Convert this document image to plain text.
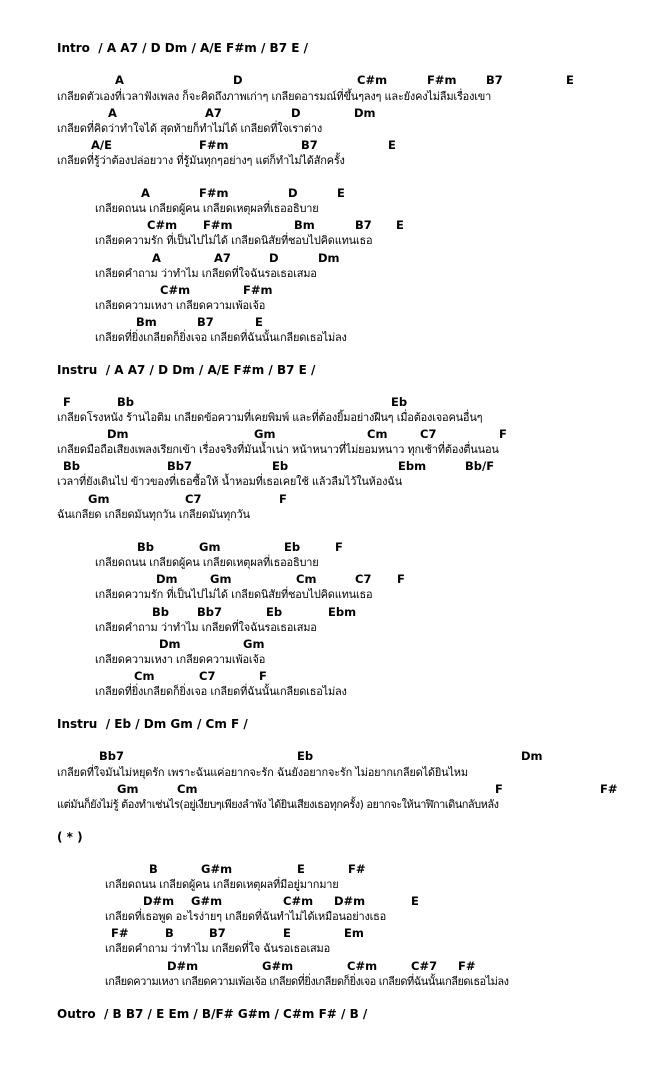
Intro  / A A7 / D Dm / A/E F#m / B7 E /

A

	D

	C#m

	F#m

	B7

	E

เกลียดตัวเองที่เวลาฟังเพลง ก็จะคิดถึงภาพเก่าๆ เกลียดอารมณ์ที่ขึ้นๆลงๆ และยังคงไม่ลืมเรื่องเขา

A

	A7

	D

	Dm

เกลียดที่คิดว่าทำใจได้ สุดท้ายก็ทำไม่ได้ เกลียดที่ใจเราต่าง

A/E

	F#m

	B7

	E

เกลียดที่รู้ว่าต้องปล่อยวาง ที่รู้มันทุกๆอย่างๆ แต่ก็ทำไม่ได้สักครั้ง

A

	F#m

	D

	E

เกลียดถนน เกลียดผู้คน เกลียดเหตุผลที่เธออธิบาย

C#m

F#m

	Bm

	B7

E

เกลียดความรัก ที่เป็นไปไม่ได้ เกลียดนิสัยที่ชอบไปคิดแทนเธอ

A

	A7

	D

	Dm

เกลียดคำถาม ว่าทำไม เกลียดที่ใจฉันรอเธอเสมอ

C#m

	F#m

เกลียดความเหงา เกลียดความเพ้อเจ้อ

Bm

	B7

	E

เกลียดที่ยิ่งเกลียดก็ยิ่งเจอ เกลียดที่ฉันนั้นเกลียดเธอไม่ลง
Instru  / A A7 / D Dm / A/E F#m / B7 E /

F

	Bb

	Eb

เกลียดโรงหนัง ร้านไอติม เกลียดข้อความที่เคยพิมพ์ และที่ต้องยิ้มอย่างฝืนๆ เมื่อต้องเจอคนอื่นๆ

Dm

	Gm

	Cm

	C7

	F

เกลียดมือถือเสียงเพลงเรียกเข้า เรื่องจริงที่มันน้ำเน่า หน้าหนาวที่ไม่ยอมหนาว ทุกเช้าที่ต้องตื่นนอน

Bb

	Bb7

	Eb

	Ebm

	Bb/F

เวลาที่ยังเดินไป ข้าวของที่เธอซื้อให้ น้ำหอมที่เธอเคยใช้ แล้วลืมไว้ในห้องฉัน

Gm

	C7

	F

ฉันเกลียด เกลียดมันทุกวัน เกลียดมันทุกวัน

Bb

	Gm

	Eb

	F

เกลียดถนน เกลียดผู้คน เกลียดเหตุผลที่เธออธิบาย

Dm

	Gm

	Cm

	C7

F

เกลียดความรัก ที่เป็นไปไม่ได้ เกลียดนิสัยที่ชอบไปคิดแทนเธอ

Bb

Bb7

	Eb

	Ebm

เกลียดคำถาม ว่าทำไม เกลียดที่ใจฉันรอเธอเสมอ

Dm

	Gm

เกลียดความเหงา เกลียดความเพ้อเจ้อ

Cm

	C7

	F

เกลียดที่ยิ่งเกลียดก็ยิ่งเจอ เกลียดที่ฉันนั้นเกลียดเธอไม่ลง
Instru  / Eb / Dm Gm / Cm F /

Bb7

	Eb

	Dm

เกลียดที่ใจมันไม่หยุดรัก เพราะฉันแค่อยากจะรัก ฉันยังอยากจะรัก ไม่อยากเกลียดได้ยินไหม

Gm

	Cm

	F

	F#

แต่มันก็ยังไม่รู้ ต้องทำเช่นไร(อยู่เงียบๆเพียงลำพัง ได้ยินเสียงเธอทุกครั้ง) อยากจะให้นาฬิกาเดินกลับหลัง
( * )

B

	G#m

	E

	F#

เกลียดถนน เกลียดผู้คน เกลียดเหตุผลที่มีอยู่มากมาย

D#m

G#m

	C#m

D#m

	E

เกลียดที่เธอพูด อะไรง่ายๆ เกลียดที่ฉันทำไม่ได้เหมือนอย่างเธอ

F#

	B

	B7

	E

	Em

เกลียดคำถาม ว่าทำไม เกลียดที่ใจ ฉันรอเธอเสมอ

D#m

	G#m

	C#m

	C#7

F#

เกลียดความเหงา เกลียดความเพ้อเจ้อ เกลียดที่ยิ่งเกลียดก็ยิ่งเจอ เกลียดที่ฉันนั้นเกลียดเธอไม่ลง
Outro  / B B7 / E Em / B/F# G#m / C#m F# / B /
